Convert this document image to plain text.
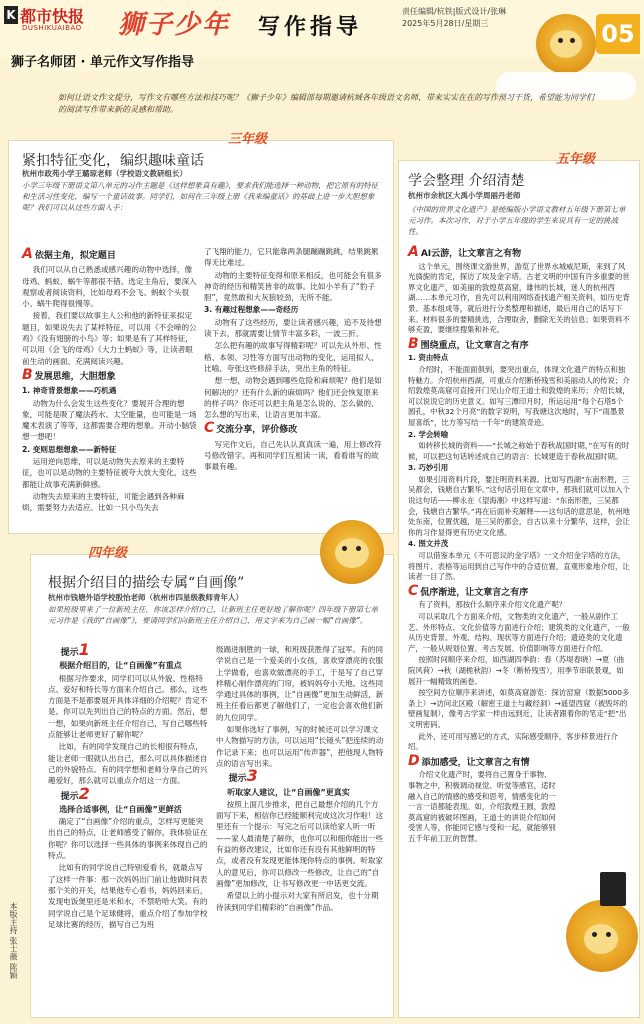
K 都市快报
DUSHIKUAIBAO 狮子少年 写作指导
责任编辑/杭铁|版式设计/张琳
2025年5月28日/星期三	05
狮子名师团 · 单元作文写作指导
如何让语文作文提分，写作文有哪些方法和技巧呢？《狮子少年》编辑部每期邀请杭城各年级语文名师，带来实实在在的写作预习干货，希望能为同学们的阅读写作带来新的灵感和帮助。
三年级
紧扣特征变化，编织趣味童话
杭州市政苑小学王璐琼老师（学校语文教研组长）
小学三年级下册语文第八单元的习作主题是《这样想象真有趣》，要求我们能选择一种动物，把它原有的特征和生活习性变化，编写一个童话故事。同学们，如何在三年级上册《我来编童话》的基础上进一步大胆想象呢？我们可以从这些方面入手：

A依据主角，拟定题目

我们可以从自己熟悉或感兴趣的动物中选择，像母鸡、蚂蚁、蜗牛等都很不错。选定主角后，要深入观察或者阅读资料，比如母鸡不会飞、蚂蚁个头很小、蜗牛爬得很慢等。

接着，我们要以故事主人公和他的新特征来拟定题目，如果说失去了某样特征，可以用《不会啼的公鸡》《没有翅膀的小鸟》等；如果是有了其样特征，可以用《会飞的母鸡》《大力士蚂蚁》等，让读者眼前生动的画面、充满阅读兴趣。

B发展思维，大胆想象

1. 神奇背景想象——巧机遇

动物为什么会发生这些变化？要展开合理的想象，可能是吸了魔法药水、太空能量，也可能是一场魔术表演了等等，这都需要合理的想象。开动小脑袋想一想吧！

2. 变则思想想象——新特征

运用逆向思维，可以是动物失去原来的主要特征，也可以是动物的主要特征被夸大放大变化，这些都能让故事充满新鲜感。

动物失去原来的主要特征，可能会遇到各种麻烦，需要努力去适应。比如一只小鸟失去

了飞翔的能力，它只能靠两条腿蹦蹦跳跳，结果跳累得无比难过。

动物的主要特征变得和原来相反，也可能会有很多神奇的经历和精笑皆非的故事。比如小羊有了“豹子胆”，竟然敢和大灰狼较劲，无所不能。

3. 有趣过程想象——奇经历

动物有了这些经历，要让读者感兴趣，追不及待想读下去，那就需要让情节丰富多彩，一波三折。

怎么把有趣的故事写得精彩呢？可以先从外形、性格、本领、习性等方面写出动物的变化，运用拟人、比喻、夸张这些修辞手法，突出主角的特征。

想一想，动物会遇到哪些危险和麻烦呢？他们是如何解决的？还有什么新的麻烦吗？他们还会恢复原来的样子吗？你还可以把主角是怎么说的、怎么做的、怎么想的写出来，让语言更加丰富。

C交流分享，评价修改

写完作文后，自己先认认真真读一遍，用上修改符号修改错字。再和同学们互相读一读，看看谁写的故事最有趣。

四年级
根据介绍目的描绘专属“自画像”
杭州市钱塘外语学校殷怡老师（杭州市四星级教师青年人）
如果班级里来了一位新班主任，你该怎样介绍自己，让新班主任更好地了解你呢？四年级下册第七单元习作是《我的“自画像”》，要请同学们向新班主任介绍自己，用文字来为自己画一幅“自画像”。

提示1

根据介绍目的，让“自画像”有重点

根据习作要求，同学们可以从外貌、性格特点、爱好和特长等方面来介绍自己。那么，这些方面是不是都要展开具体详细的介绍呢？肯定不是。你可以先列出自己的特点的方面。然后，想一想，如果向新班主任介绍自己，写自己哪些特点能够让老师更好了解你呢？

比如，有的同学发现自己的长相很有特点，能让老师一眼就认出自己，那么可以具体描述自己的外貌特点。有的同学想和老师分享自己的兴趣爱好，那么就可以重点介绍这一方面。

提示2

选择合适事例，让“自画像”更鲜活

确定了“自画像”介绍的重点，怎样写更能突出自己的特点，让老师感受了解你，我体验证在你呢？你可以选择一些具体的事例来体现自己的特点。

比如有的同学说自己特别爱看书，就最点写了这样一件事：那一次妈妈出门前让他做时间表那个关的开关，结果他专心看书，妈妈回来后，发现电饭煲里还是米和水，不禁哈哈大笑。有的同学说自己是个足球健将，重点介绍了参加学校足球比赛的经历，描写自己为班

级踢进制胜的一球，和班级获胜得了冠军。有的同学说自己是一个爱美的小女孩，喜欢穿漂亮的衣服上学做看，也喜欢做漂亮的手工，于是写了自己穿样精心制作漂亮的门帘，被妈妈夸小天地。这些同学通过具体的事例，让“自画像”更加生动鲜活，新班主任看后都更了解他们了，一定也会喜欢他们新的九位同学。

如果你选好了事例，写的时候还可以学习课文中人物描写的方法，可以运用“长镜头”把连续的动作记录下来；也可以运用“传声器”，把他现人物特点的语言写出来。

提示3

听取家人建议，让“自画像”更真实

按照上面几步推求，把自己最想介绍的几个方面写下来，相信你已经能顺利完成这次习作啦！这里还有一个提示：写完之后可以读给家人听一听——家人最清楚了解你，也你可以和细你能出一些有益的修改建议，比如你还有没有其他鲜明的特点，或者没有发现更能体现你特点的事例。听取家人的意见后，你可以修改一些修改，让自己的“自画像”更加修改，让书写修改更一中话更交流。

希望以上的小提示对大家有所启发，也十分期待读到同学们精彩的“自画像”作品。

五年级
学会整理 介绍清楚
杭州市余杭区大禹小学周丽丹老师
《中国的世界文化遗产》是统编版小学语文教材五年级下册第七单元习作。本次习作，对于小学五年级的学生来说具有一定的挑战性。

AAI云游，让文章言之有物

这个单元，围绕课文游世界，游览了世界水城威尼斯，来到了风光旖旎的肯定，探访了埃及金字塔。古老文明的中国有许多重要的世界文化遗产，如美丽的敦煌莫高窟，雄伟的长城，迷人的杭州西湖……本单元习作，首先可以利用网络查找遗产相关资料，如历史背景、基本组成等，就后进行分类整理和描述，最后用自己的话写下来。材料很多的要精挑选，合理取舍，删除无关的信息；如果资料不够充盈，要继续搜集和补充。

B围绕重点，让文章言之有序

1. 资由特点

介绍时，不能面面俱到，要突出重点，体现文化遗产的特点和独特魅力。介绍杭州西湖，可重点介绍断桥残雪和美丽动人的传说；介绍敦煌莫高窟可直接开门见山介绍王道士和敦煌的来历；介绍长城，可以说说它的历史意义。如写三潭印月时，所运运用“每个石塔5个圆孔，中秋32个月亮”的数字说明，写我塘这次地时，写下“雨墨景屋喜纸”，比方等写结一千年”的建筑奇迹。

2. 学会转喻

如转移长城的资料——“长城之称始于春秋战国时期，”在写有的时候，可以把这句话转述成自己的语言：长城建造于春秋战国时期。

3. 巧妙引用

如果引用资料片段，要注明资料来源。比如写西湖“东南形胜，三吴都会，钱塘自古繁华。”这句话引用在文章中，那我们就可以加入个说这句话——柳永在《望海潮》中这样写道：“东南形胜，三吴都会，钱塘自古繁华。”再在后面补充解释——这句话的意思是，杭州地处东南，位置优越，是三吴的都会，自古以来十分繁华，这样，会让你的习作显得更有历史文化感。

4. 图文并茂

可以借鉴本单元《不可思议的金字塔》一文介绍金字塔的方法，将图片、表格等运用到自己写作中的合适位置，直观形象地介绍，让读者一目了然。

C侃序渐进，让文章言之有序

有了资料，那按什么顺序来介绍文化遗产呢？

可以采取几个方面来介绍，文物类的文化遗产，一般从剧作工艺、外形特点、文化价值等方面进行介绍；建筑类的文化遗产，一般从历史背景、外观、结构、现状等方面进行介绍；遗迹类的文化遗产，一般从规划位置、考古发展、价值影响等方面进行介绍。

按照时间顺序来介绍，如西湖四季韵：春（苏堤春晓）→夏（曲院风荷）→秋（湖桅秋韵）→冬（断桥残雪），用季节串联景观，如展开一幅精致的画卷。

按空间方位顺序来讲述，如莫高窟游览：探访窑窟（数据5000多条上）→访问北区殿（解密王道士与藏经洞）→遥望西窟（被毁坏的壁画复制），像考古学家一样由远到近，让读者跟着你的笔走“把”出文明密码。

此外，还可用写感记的方式，实际感受顺序，客步移景进行介绍。

D添加感受，让文章言之有情

介绍文化遗产时，要将自己置身于事物、事物之中，积极调动视觉、听觉等感官，适时融入自己的情感的感受和思考，情感变化的一一言一语都能表现。如，介绍敦煌王圆，敦煌莫高窟的被破坏图画，王道士的讲说介绍如何受害人等，你能同它感与受和一起，就能够别五千年前工匠的智慧。

本版主持 张士薇 陈颖
